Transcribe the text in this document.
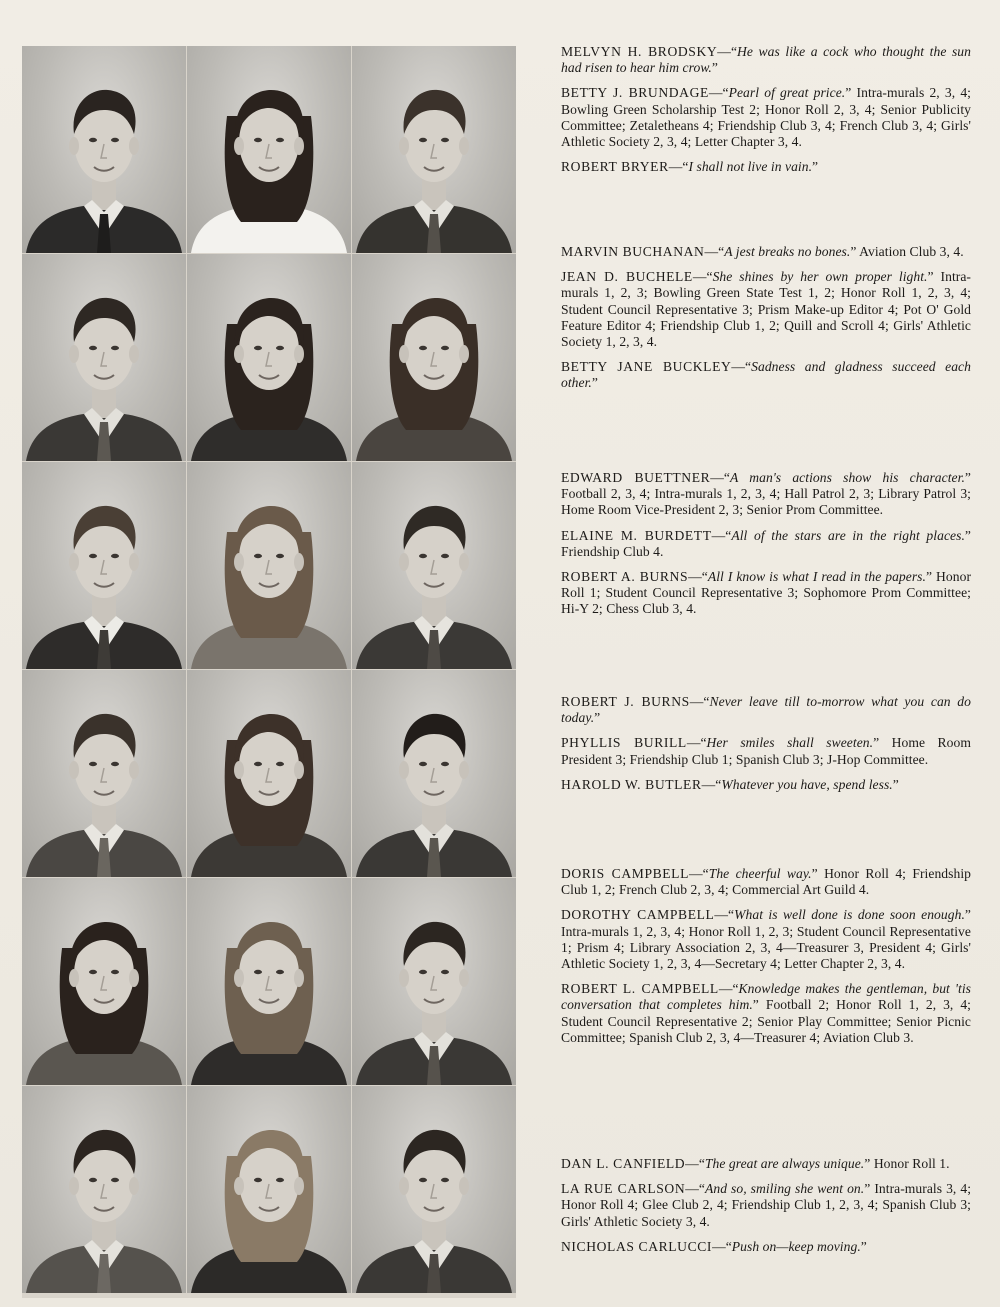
MELVYN H. BRODSKY—“He was like a cock who thought the sun had risen to hear him crow.”

BETTY J. BRUNDAGE—“Pearl of great price.” Intra-murals 2, 3, 4; Bowling Green Scholarship Test 2; Honor Roll 2, 3, 4; Senior Publicity Committee; Zetaletheans 4; Friendship Club 3, 4; French Club 3, 4; Girls' Athletic Society 2, 3, 4; Letter Chapter 3, 4.

ROBERT BRYER—“I shall not live in vain.”

MARVIN BUCHANAN—“A jest breaks no bones.” Aviation Club 3, 4.

JEAN D. BUCHELE—“She shines by her own proper light.” Intra-murals 1, 2, 3; Bowling Green State Test 1, 2; Honor Roll 1, 2, 3, 4; Student Council Representative 3; Prism Make-up Editor 4; Pot O' Gold Feature Editor 4; Friendship Club 1, 2; Quill and Scroll 4; Girls' Athletic Society 1, 2, 3, 4.

BETTY JANE BUCKLEY—“Sadness and gladness succeed each other.”

EDWARD BUETTNER—“A man's actions show his character.” Football 2, 3, 4; Intra-murals 1, 2, 3, 4; Hall Patrol 2, 3; Library Patrol 3; Home Room Vice-President 2, 3; Senior Prom Committee.

ELAINE M. BURDETT—“All of the stars are in the right places.” Friendship Club 4.

ROBERT A. BURNS—“All I know is what I read in the papers.” Honor Roll 1; Student Council Representative 3; Sophomore Prom Committee; Hi-Y 2; Chess Club 3, 4.

ROBERT J. BURNS—“Never leave till to-morrow what you can do today.”

PHYLLIS BURILL—“Her smiles shall sweeten.” Home Room President 3; Friendship Club 1; Spanish Club 3; J-Hop Committee.

HAROLD W. BUTLER—“Whatever you have, spend less.”

DORIS CAMPBELL—“The cheerful way.” Honor Roll 4; Friendship Club 1, 2; French Club 2, 3, 4; Commercial Art Guild 4.

DOROTHY CAMPBELL—“What is well done is done soon enough.” Intra-murals 1, 2, 3, 4; Honor Roll 1, 2, 3; Student Council Representative 1; Prism 4; Library Association 2, 3, 4—Treasurer 3, President 4; Girls' Athletic Society 1, 2, 3, 4—Secretary 4; Letter Chapter 2, 3, 4.

ROBERT L. CAMPBELL—“Knowledge makes the gentleman, but 'tis conversation that completes him.” Football 2; Honor Roll 1, 2, 3, 4; Student Council Representative 2; Senior Play Committee; Senior Picnic Committee; Spanish Club 2, 3, 4—Treasurer 4; Aviation Club 3.

DAN L. CANFIELD—“The great are always unique.” Honor Roll 1.

LA RUE CARLSON—“And so, smiling she went on.” Intra-murals 3, 4; Honor Roll 4; Glee Club 2, 4; Friendship Club 1, 2, 3, 4; Spanish Club 3; Girls' Athletic Society 3, 4.

NICHOLAS CARLUCCI—“Push on—keep moving.”
